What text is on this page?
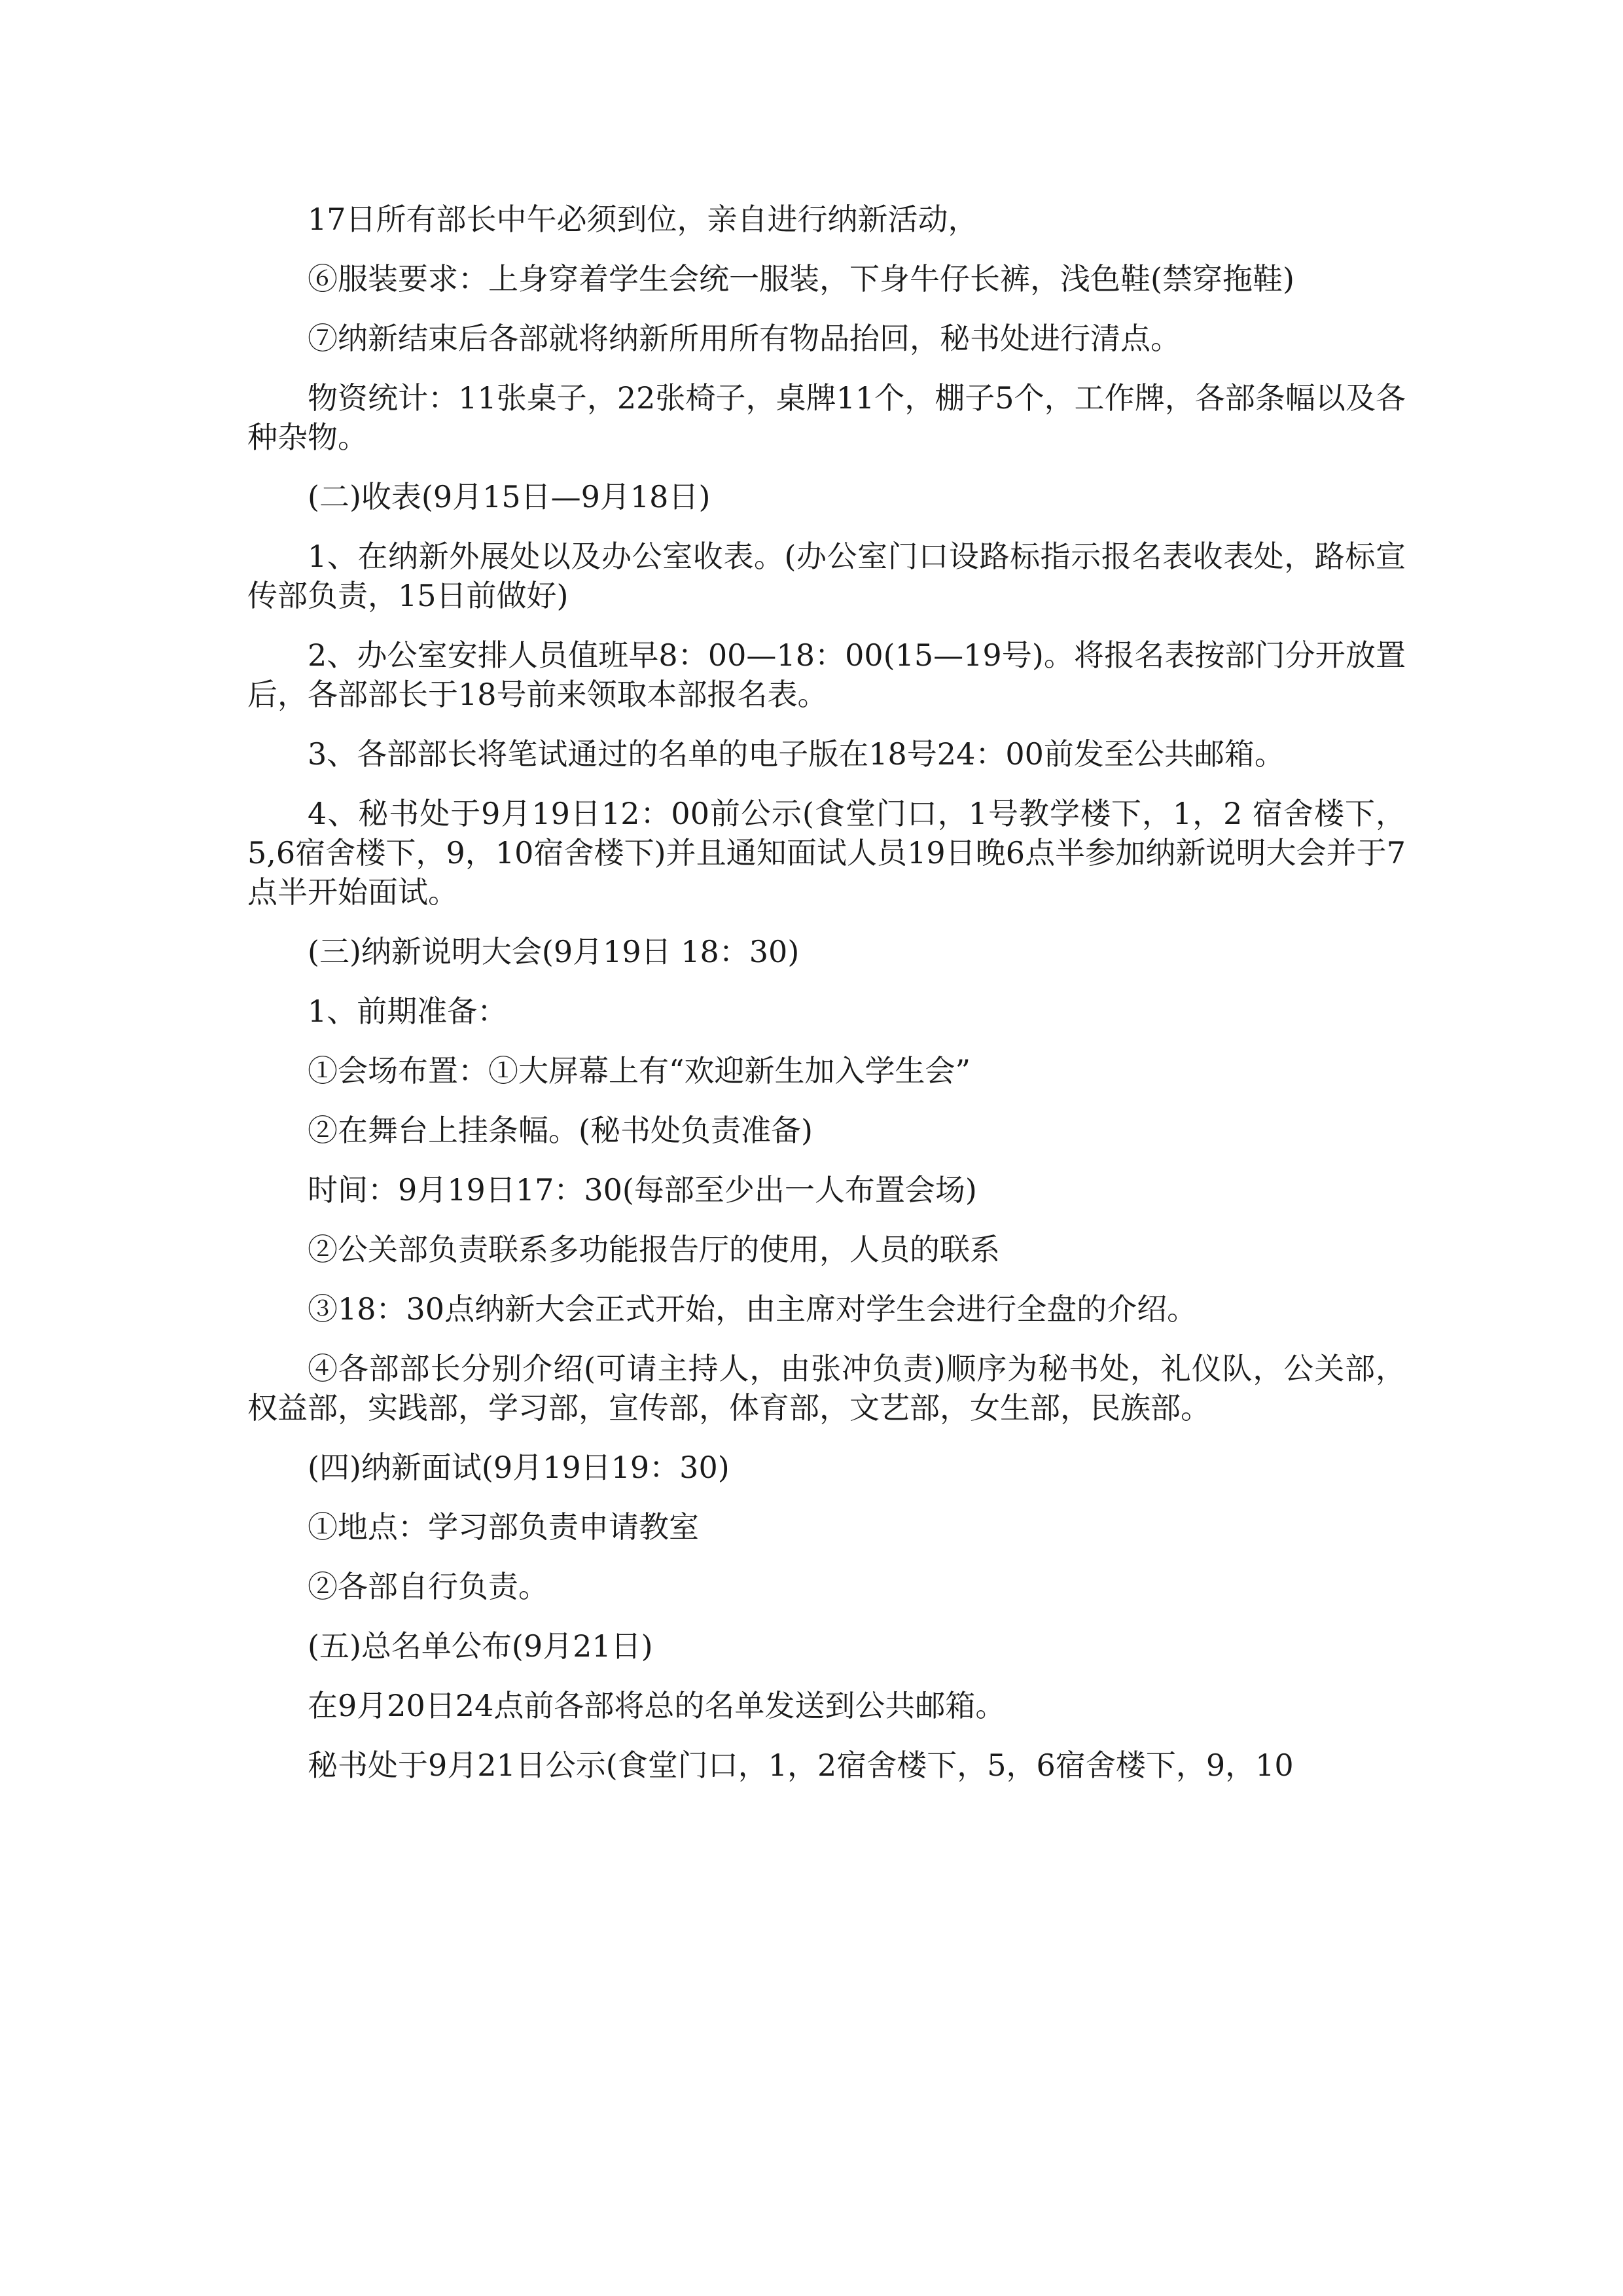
17日所有部长中午必须到位，亲自进行纳新活动，

⑥服装要求：上身穿着学生会统一服装，下身牛仔长裤，浅色鞋(禁穿拖鞋)

⑦纳新结束后各部就将纳新所用所有物品抬回，秘书处进行清点。

物资统计：11张桌子，22张椅子，桌牌11个，棚子5个，工作牌，各部条幅以及各种杂物。

(二)收表(9月15日—9月18日)

1、在纳新外展处以及办公室收表。(办公室门口设路标指示报名表收表处，路标宣传部负责，15日前做好)

2、办公室安排人员值班早8：00—18：00(15—19号)。将报名表按部门分开放置后，各部部长于18号前来领取本部报名表。

3、各部部长将笔试通过的名单的电子版在18号24：00前发至公共邮箱。

4、秘书处于9月19日12：00前公示(食堂门口，1号教学楼下，1，2 宿舍楼下，5,6宿舍楼下，9，10宿舍楼下)并且通知面试人员19日晚6点半参加纳新说明大会并于7点半开始面试。

(三)纳新说明大会(9月19日 18：30)

1、前期准备：

①会场布置：①大屏幕上有“欢迎新生加入学生会”

②在舞台上挂条幅。(秘书处负责准备)

时间：9月19日17：30(每部至少出一人布置会场)

②公关部负责联系多功能报告厅的使用，人员的联系

③18：30点纳新大会正式开始，由主席对学生会进行全盘的介绍。

④各部部长分别介绍(可请主持人，由张冲负责)顺序为秘书处，礼仪队，公关部，权益部，实践部，学习部，宣传部，体育部，文艺部，女生部，民族部。

(四)纳新面试(9月19日19：30)

①地点：学习部负责申请教室

②各部自行负责。

(五)总名单公布(9月21日)

在9月20日24点前各部将总的名单发送到公共邮箱。

秘书处于9月21日公示(食堂门口，1，2宿舍楼下，5，6宿舍楼下，9，10
